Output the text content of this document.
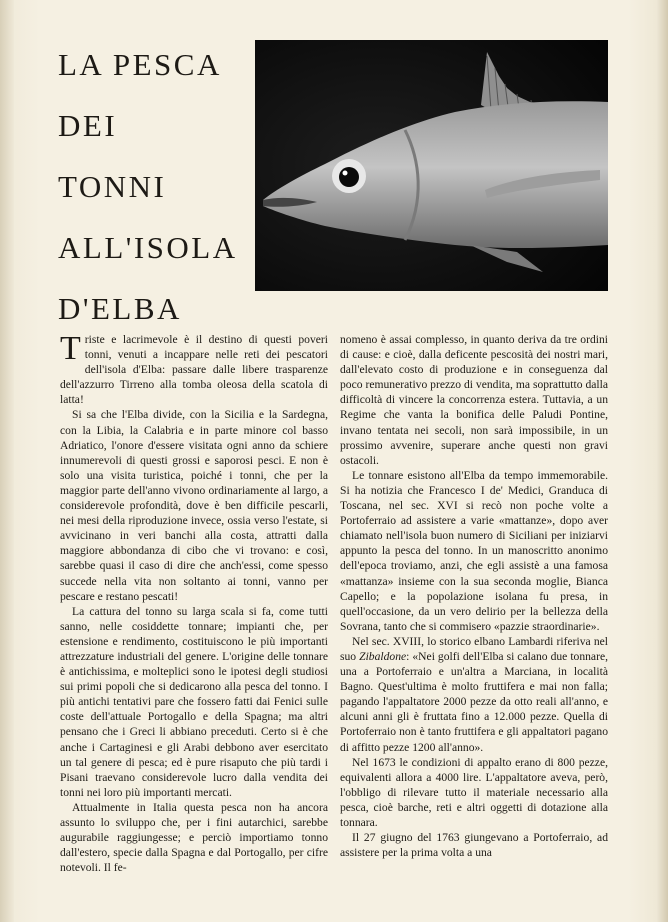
LA PESCA
DEI
TONNI
ALL'ISOLA
D'ELBA

Triste e lacrimevole è il destino di questi poveri tonni, venuti a incappare nelle reti dei pescatori dell'isola d'Elba: passare dalle libere trasparenze dell'azzurro Tirreno alla tomba oleosa della scatola di latta!

Si sa che l'Elba divide, con la Sicilia e la Sardegna, con la Libia, la Calabria e in parte minore col basso Adriatico, l'onore d'essere visitata ogni anno da schiere innumerevoli di questi grossi e saporosi pesci. E non è solo una visita turistica, poiché i tonni, che per la maggior parte dell'anno vivono ordinariamente al largo, a considerevole profondità, dove è ben difficile pescarli, nei mesi della riproduzione invece, ossia verso l'estate, si avvicinano in veri banchi alla costa, attratti dalla maggiore abbondanza di cibo che vi trovano: e così, sarebbe quasi il caso di dire che anch'essi, come spesso succede nella vita non soltanto ai tonni, vanno per pescare e restano pescati!

La cattura del tonno su larga scala si fa, come tutti sanno, nelle cosiddette tonnare; impianti che, per estensione e rendimento, costituiscono le più importanti attrezzature industriali del genere. L'origine delle tonnare è antichissima, e molteplici sono le ipotesi degli studiosi sui primi popoli che si dedicarono alla pesca del tonno. I più antichi tentativi pare che fossero fatti dai Fenici sulle coste dell'attuale Portogallo e della Spagna; ma altri pensano che i Greci li abbiano preceduti. Certo si è che anche i Cartaginesi e gli Arabi debbono aver esercitato un tal genere di pesca; ed è pure risaputo che più tardi i Pisani traevano considerevole lucro dalla vendita dei tonni nei loro più importanti mercati.

Attualmente in Italia questa pesca non ha ancora assunto lo sviluppo che, per i fini autarchici, sarebbe augurabile raggiungesse; e perciò importiamo tonno dall'estero, specie dalla Spagna e dal Portogallo, per cifre notevoli. Il fe-

nomeno è assai complesso, in quanto deriva da tre ordini di cause: e cioè, dalla deficente pescosità dei nostri mari, dall'elevato costo di produzione e in conseguenza dal poco remunerativo prezzo di vendita, ma soprattutto dalla difficoltà di vincere la concorrenza estera. Tuttavia, a un Regime che vanta la bonifica delle Paludi Pontine, invano tentata nei secoli, non sarà impossibile, in un prossimo avvenire, superare anche questi non gravi ostacoli.

Le tonnare esistono all'Elba da tempo immemorabile. Si ha notizia che Francesco I de' Medici, Granduca di Toscana, nel sec. XVI si recò non poche volte a Portoferraio ad assistere a varie «mattanze», dopo aver chiamato nell'isola buon numero di Siciliani per iniziarvi appunto la pesca del tonno. In un manoscritto anonimo dell'epoca troviamo, anzi, che egli assistè a una famosa «mattanza» insieme con la sua seconda moglie, Bianca Capello; e la popolazione isolana fu presa, in quell'occasione, da un vero delirio per la bellezza della Sovrana, tanto che si commisero «pazzie straordinarie».

Nel sec. XVIII, lo storico elbano Lambardi riferiva nel suo Zibaldone: «Nei golfi dell'Elba si calano due tonnare, una a Portoferraio e un'altra a Marciana, in località Bagno. Quest'ultima è molto fruttifera e mai non falla; pagando l'appaltatore 2000 pezze da otto reali all'anno, e alcuni anni gli è fruttata fino a 12.000 pezze. Quella di Portoferraio non è tanto fruttifera e gli appaltatori pagano di affitto pezze 1200 all'anno».

Nel 1673 le condizioni di appalto erano di 800 pezze, equivalenti allora a 4000 lire. L'appaltatore aveva, però, l'obbligo di rilevare tutto il materiale necessario alla pesca, cioè barche, reti e altri oggetti di dotazione alla tonnara.

Il 27 giugno del 1763 giungevano a Portoferraio, ad assistere per la prima volta a una
